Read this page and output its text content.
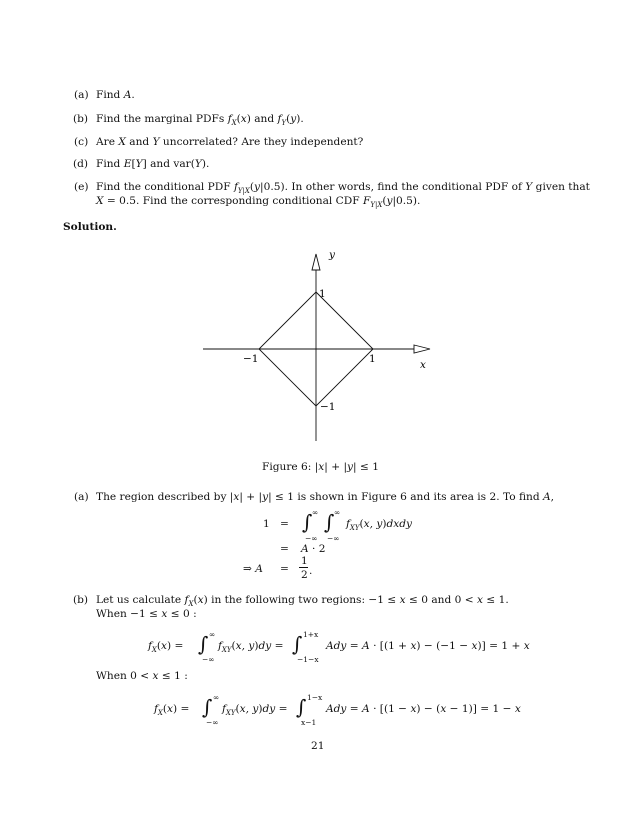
(a) Find A.
(b) Find the marginal PDFs $f_X(x)$ and $f_Y(y)$.
(c) Are X and Y uncorrelated? Are they independent?
(d) Find E[Y] and var(Y).
(e) Find the conditional PDF $f_{Y|X}(y|0.5)$. In other words, find the conditional PDF of Y given that
X = 0.5. Find the corresponding conditional CDF $F_{Y|X}(y|0.5)$.
Solution.
y
x
1
−1
1
−1
Figure 6: |x| + |y| ≤ 1
(a) The region described by |x| + |y| ≤ 1 is shown in Figure 6 and its area is 2. To find A,
1 = ∫ ∞
−∞
∫ ∞
−∞
$f_{XY}(x$, y)dxdy
= A · 2
⇒ A =
1
2 .
(b) Let us calculate $f_X(x)$ in the following two regions: −1 ≤ x ≤ 0 and 0 < x ≤ 1.
When −1 ≤ x ≤ 0 :
$f_X(x)$ = ∫ ∞
−∞
$f_{XY}(x$, y)dy = ∫ 1+x
−1−x
Ady = A · [(1 + x) − (−1 − x)] = 1 + x
When 0 < x ≤ 1 :
$f_X(x)$ = ∫ ∞
−∞
$f_{XY}(x$, y)dy = ∫ 1−x
x−1
Ady = A · [(1 − x) − (x − 1)] = 1 − x
21
